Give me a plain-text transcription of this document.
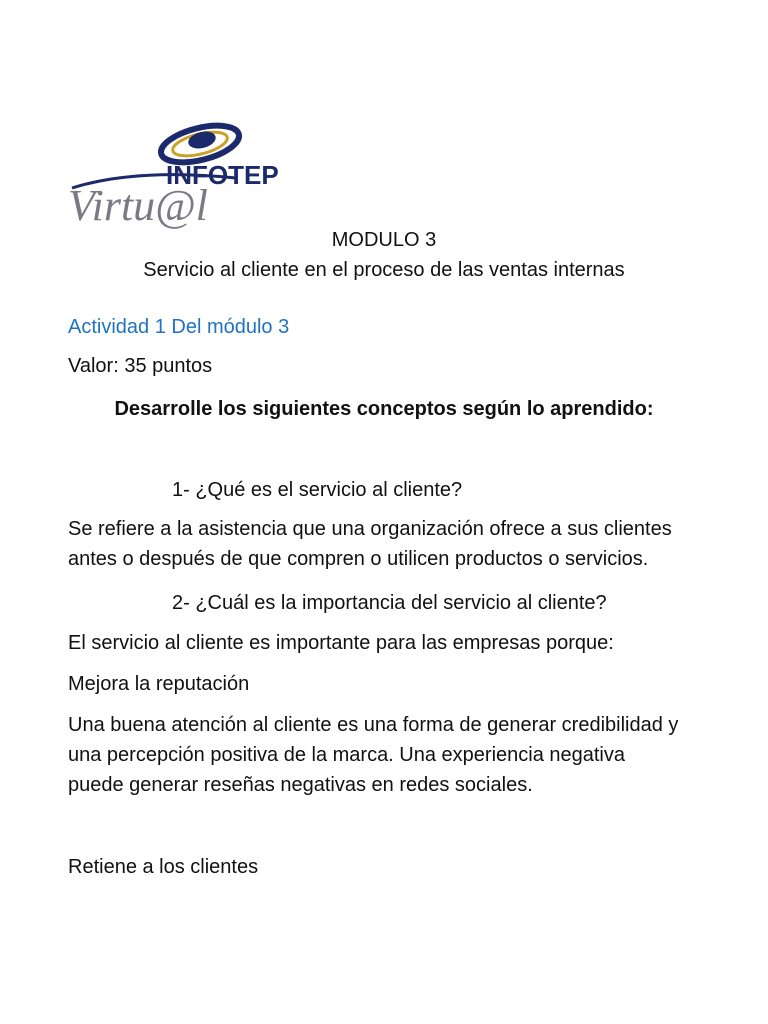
INFOTEP
Virtu@l
MODULO 3
Servicio al cliente en el proceso de las ventas internas
Actividad 1 Del módulo 3
Valor: 35 puntos
Desarrolle los siguientes conceptos según lo aprendido:
1- ¿Qué es el servicio al cliente?
Se refiere a la asistencia que una organización ofrece a sus clientes
antes o después de que compren o utilicen productos o servicios.
2- ¿Cuál es la importancia del servicio al cliente?
El servicio al cliente es importante para las empresas porque:
Mejora la reputación
Una buena atención al cliente es una forma de generar credibilidad y
una percepción positiva de la marca. Una experiencia negativa
puede generar reseñas negativas en redes sociales.
Retiene a los clientes
